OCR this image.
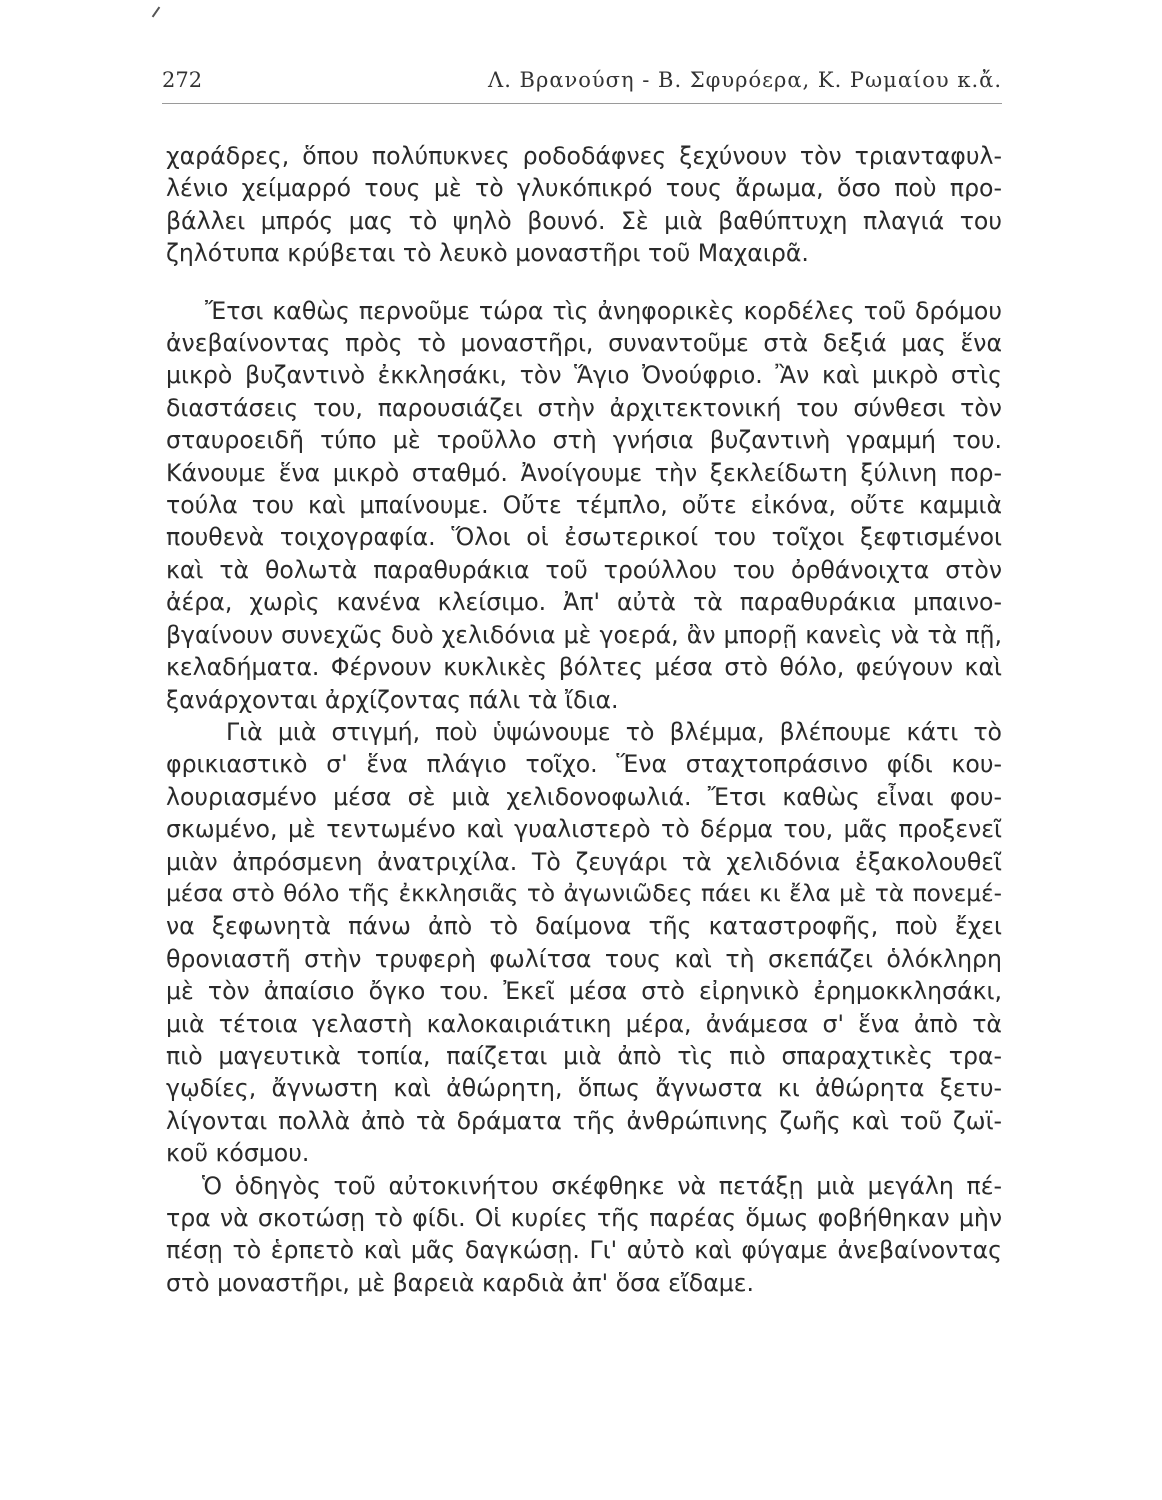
272	Λ. Βρανούση - Β. Σφυρόερα, Κ. Ρωμαίου κ.ἄ.
χαράδρες, ὅπου πολύπυκνες ροδοδάφνες ξεχύνουν τὸν τριανταφυλ-
λένιο χείμαρρό τους μὲ τὸ γλυκόπικρό τους ἄρωμα, ὅσο ποὺ προ-
βάλλει μπρός μας τὸ ψηλὸ βουνό. Σὲ μιὰ βαθύπτυχη πλαγιά του
ζηλότυπα κρύβεται τὸ λευκὸ μοναστῆρι τοῦ Μαχαιρᾶ.
Ἔτσι καθὼς περνοῦμε τώρα τὶς ἀνηφορικὲς κορδέλες τοῦ δρόμου
ἀνεβαίνοντας πρὸς τὸ μοναστῆρι, συναντοῦμε στὰ δεξιά μας ἕνα
μικρὸ βυζαντινὸ ἐκκλησάκι, τὸν Ἅγιο Ὀνούφριο. Ἂν καὶ μικρὸ στὶς
διαστάσεις του, παρουσιάζει στὴν ἀρχιτεκτονική του σύνθεσι τὸν
σταυροειδῆ τύπο μὲ τροῦλλο στὴ γνήσια βυζαντινὴ γραμμή του.
Κάνουμε ἕνα μικρὸ σταθμό. Ἀνοίγουμε τὴν ξεκλείδωτη ξύλινη πορ-
τούλα του καὶ μπαίνουμε. Οὔτε τέμπλο, οὔτε εἰκόνα, οὔτε καμμιὰ
πουθενὰ τοιχογραφία. Ὅλοι οἱ ἐσωτερικοί του τοῖχοι ξεφτισμένοι
καὶ τὰ θολωτὰ παραθυράκια τοῦ τρούλλου του ὀρθάνοιχτα στὸν
ἀέρα, χωρὶς κανένα κλείσιμο. Ἀπ' αὐτὰ τὰ παραθυράκια μπαινο-
βγαίνουν συνεχῶς δυὸ χελιδόνια μὲ γοερά, ἂν μπορῇ κανεὶς νὰ τὰ πῇ,
κελαδήματα. Φέρνουν κυκλικὲς βόλτες μέσα στὸ θόλο, φεύγουν καὶ
ξανάρχονται ἀρχίζοντας πάλι τὰ ἴδια.
Γιὰ μιὰ στιγμή, ποὺ ὑψώνουμε τὸ βλέμμα, βλέπουμε κάτι τὸ
φρικιαστικὸ σ' ἕνα πλάγιο τοῖχο. Ἕνα σταχτοπράσινο φίδι κου-
λουριασμένο μέσα σὲ μιὰ χελιδονοφωλιά. Ἔτσι καθὼς εἶναι φου-
σκωμένο, μὲ τεντωμένο καὶ γυαλιστερὸ τὸ δέρμα του, μᾶς προξενεῖ
μιὰν ἀπρόσμενη ἀνατριχίλα. Τὸ ζευγάρι τὰ χελιδόνια ἐξακολουθεῖ
μέσα στὸ θόλο τῆς ἐκκλησιᾶς τὸ ἀγωνιῶδες πάει κι ἔλα μὲ τὰ πονεμέ-
να ξεφωνητὰ πάνω ἀπὸ τὸ δαίμονα τῆς καταστροφῆς, ποὺ ἔχει
θρονιαστῆ στὴν τρυφερὴ φωλίτσα τους καὶ τὴ σκεπάζει ὁλόκληρη
μὲ τὸν ἀπαίσιο ὄγκο του. Ἐκεῖ μέσα στὸ εἰρηνικὸ ἐρημοκκλησάκι,
μιὰ τέτοια γελαστὴ καλοκαιριάτικη μέρα, ἀνάμεσα σ' ἕνα ἀπὸ τὰ
πιὸ μαγευτικὰ τοπία, παίζεται μιὰ ἀπὸ τὶς πιὸ σπαραχτικὲς τρα-
γῳδίες, ἄγνωστη καὶ ἀθώρητη, ὅπως ἄγνωστα κι ἀθώρητα ξετυ-
λίγονται πολλὰ ἀπὸ τὰ δράματα τῆς ἀνθρώπινης ζωῆς καὶ τοῦ ζωϊ-
κοῦ κόσμου.
Ὁ ὁδηγὸς τοῦ αὐτοκινήτου σκέφθηκε νὰ πετάξῃ μιὰ μεγάλη πέ-
τρα νὰ σκοτώσῃ τὸ φίδι. Οἱ κυρίες τῆς παρέας ὅμως φοβήθηκαν μὴν
πέσῃ τὸ ἑρπετὸ καὶ μᾶς δαγκώσῃ. Γι' αὐτὸ καὶ φύγαμε ἀνεβαίνοντας
στὸ μοναστῆρι, μὲ βαρειὰ καρδιὰ ἀπ' ὅσα εἴδαμε.
